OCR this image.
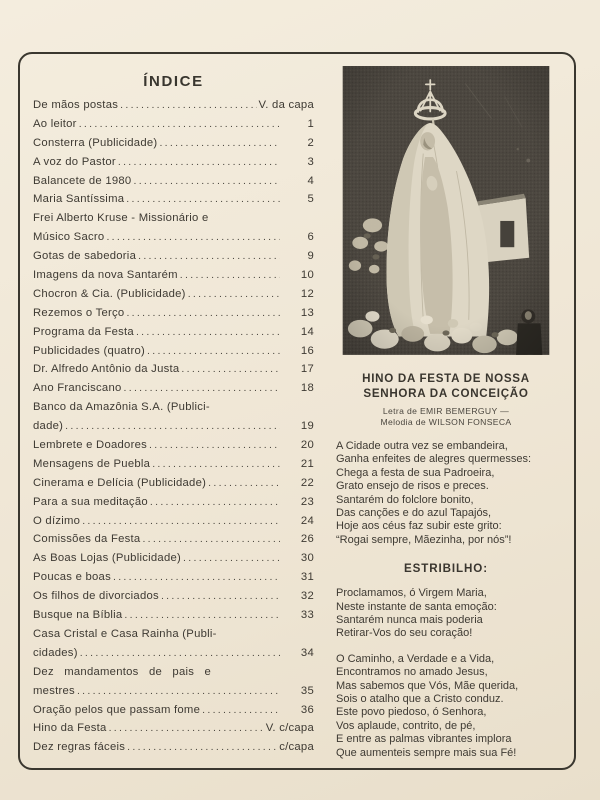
ÍNDICE
De mãos postas .....	V. da capa
Ao leitor .....	1
Consterra (Publicidade) .....	2
A voz do Pastor .....	3
Balancete de 1980 .....	4
Maria Santíssima .....	5
Frei Alberto Kruse - Missionário e
Músico Sacro .....	6
Gotas de sabedoria .....	9
Imagens da nova Santarém .....	10
Chocron & Cia. (Publicidade) .....	12
Rezemos o Terço .....	13
Programa da Festa .....	14
Publicidades (quatro) .....	16
Dr. Alfredo Antônio da Justa .....	17
Ano Franciscano .....	18
Banco da Amazônia S.A. (Publici-
dade) .....	19
Lembrete e Doadores .....	20
Mensagens de Puebla .....	21
Cinerama e Delícia (Publicidade) .....	22
Para a sua meditação .....	23
O dízimo .....	24
Comissões da Festa .....	26
As Boas Lojas (Publicidade) .....	30
Poucas e boas .....	31
Os filhos de divorciados .....	32
Busque na Bíblia .....	33
Casa Cristal e Casa Rainha (Publi-
cidades) .....	34
Dez mandamentos de pais e
mestres .....	35
Oração pelos que passam fome .....	36
Hino da Festa .....	V. c/capa
Dez regras fáceis .....	c/capa
HINO DA FESTA DE NOSSA
SENHORA DA CONCEIÇÃO
Letra de EMIR BEMERGUY —
Melodia de WILSON FONSECA
A Cidade outra vez se embandeira,
Ganha enfeites de alegres quermesses:
Chega a festa de sua Padroeira,
Grato ensejo de risos e preces.
Santarém do folclore bonito,
Das canções e do azul Tapajós,
Hoje aos céus faz subir este grito:
“Rogai sempre, Mãezinha, por nós”!
ESTRIBILHO:
Proclamamos, ó Virgem Maria,
Neste instante de santa emoção:
Santarém nunca mais poderia
Retirar-Vos do seu coração!
O Caminho, a Verdade e a Vida,
Encontramos no amado Jesus,
Mas sabemos que Vós, Mãe querida,
Sois o atalho que a Cristo conduz.
Este povo piedoso, ó Senhora,
Vos aplaude, contrito, de pé,
E entre as palmas vibrantes implora
Que aumenteis sempre mais sua Fé!
